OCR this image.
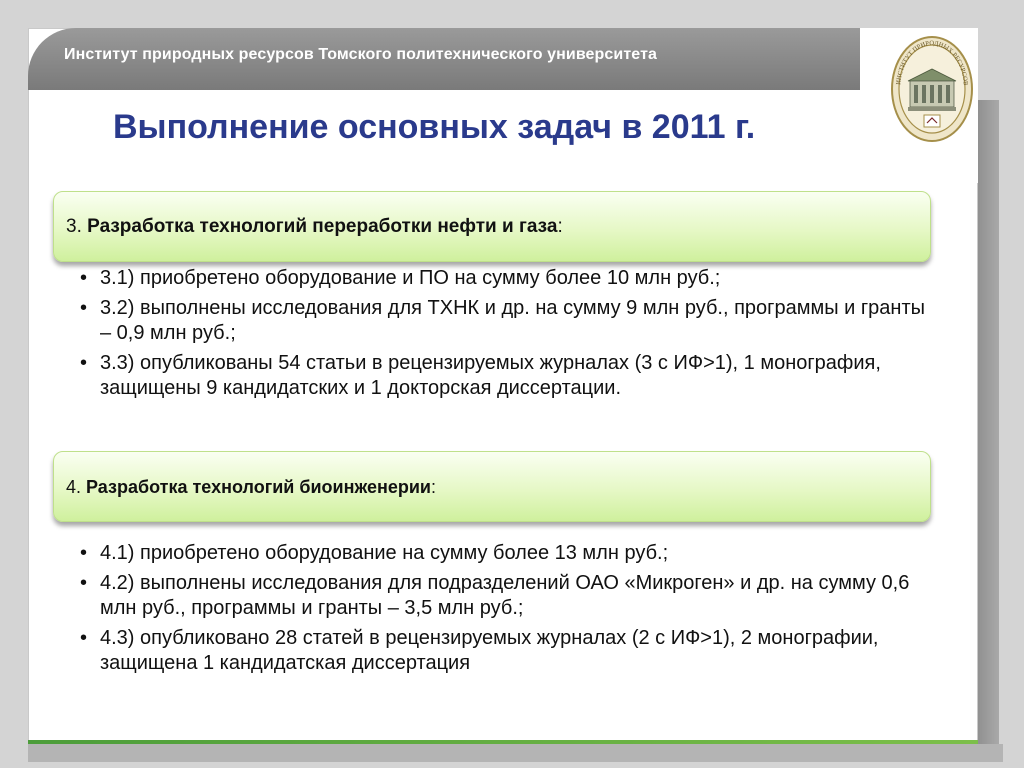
Институт природных ресурсов Томского политехнического университета
ИНСТИТУТ ПРИРОДНЫХ РЕСУРСОВ
Выполнение основных задач в 2011 г.
3. Разработка технологий переработки нефти и газа:
• 3.1) приобретено оборудование и ПО на сумму более 10 млн руб.;
• 3.2) выполнены исследования для ТХНК и др. на сумму 9 млн руб., программы и гранты – 0,9 млн руб.;
• 3.3) опубликованы 54 статьи в рецензируемых журналах (3 с ИФ>1), 1 монография, защищены 9 кандидатских и 1 докторская диссертации.
4. Разработка технологий биоинженерии:
• 4.1) приобретено оборудование на сумму более 13 млн руб.;
• 4.2) выполнены исследования для подразделений ОАО «Микроген» и др. на сумму 0,6 млн руб., программы и гранты – 3,5 млн руб.;
• 4.3) опубликовано 28 статей в рецензируемых журналах (2 с ИФ>1), 2 монографии, защищена 1 кандидатская диссертация
